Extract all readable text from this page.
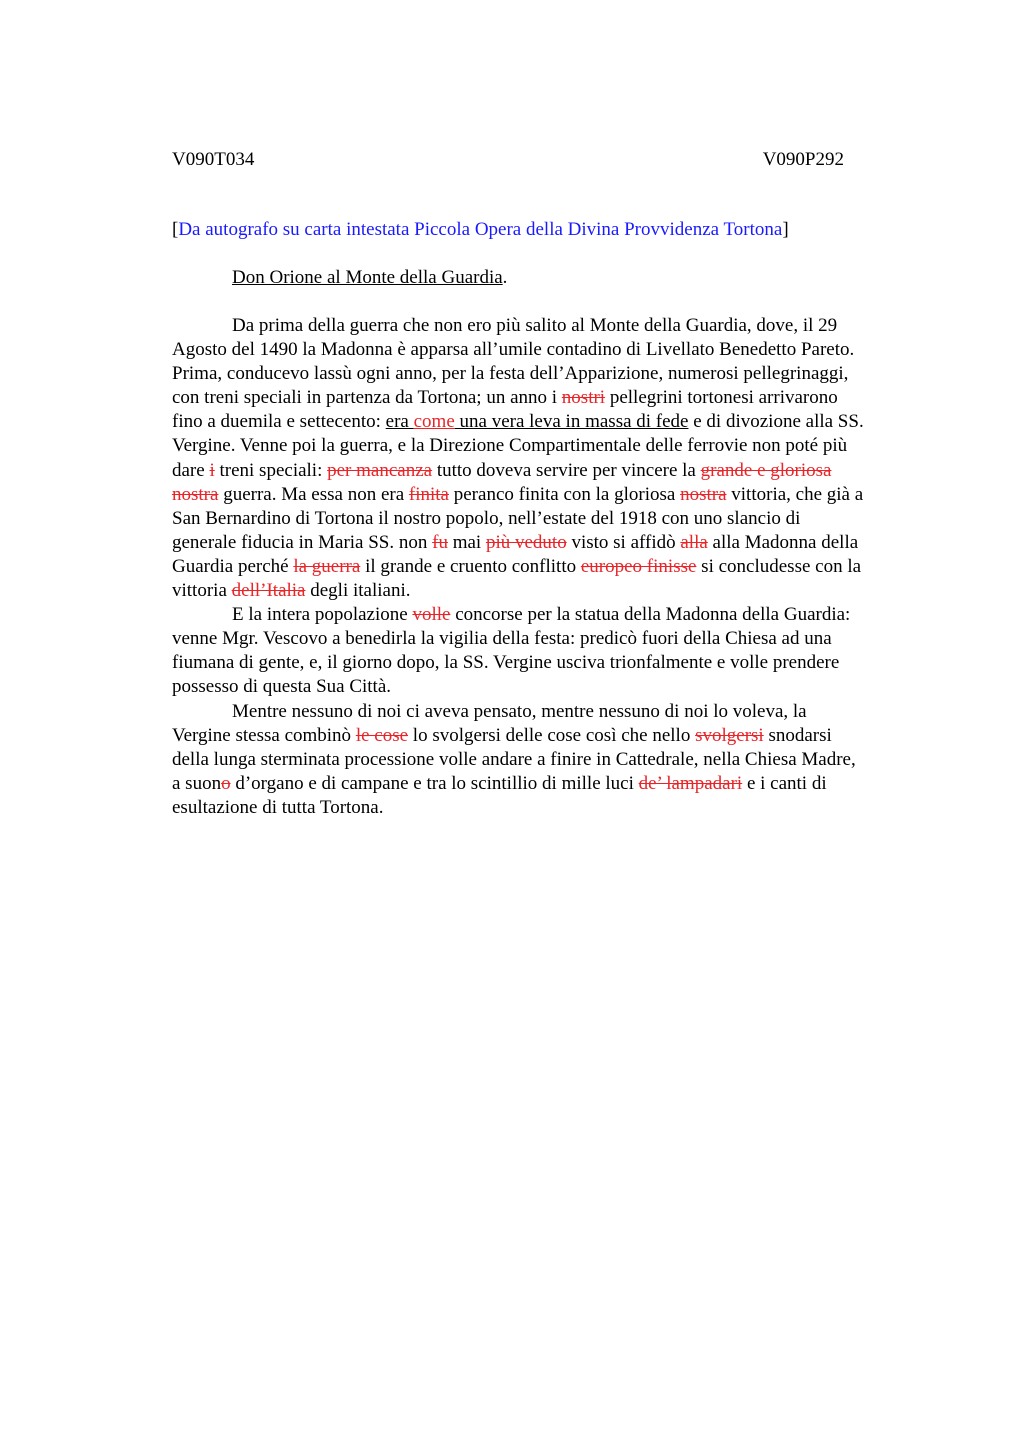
V090T034	V090P292
[Da autografo su carta intestata Piccola Opera della Divina Provvidenza Tortona]
Don Orione al Monte della Guardia.
Da prima della guerra che non ero più salito al Monte della Guardia, dove, il 29
Agosto del 1490 la Madonna è apparsa all’umile contadino di Livellato Benedetto Pareto.
Prima, conducevo lassù ogni anno, per la festa dell’Apparizione, numerosi pellegrinaggi,
con treni speciali in partenza da Tortona; un anno i nostri pellegrini tortonesi arrivarono
fino a duemila e settecento: era come una vera leva in massa di fede e di divozione alla SS.
Vergine. Venne poi la guerra, e la Direzione Compartimentale delle ferrovie non poté più
dare i treni speciali: per mancanza tutto doveva servire per vincere la grande e gloriosa
nostra guerra. Ma essa non era finita peranco finita con la gloriosa nostra vittoria, che già a
San Bernardino di Tortona il nostro popolo, nell’estate del 1918 con uno slancio di
generale fiducia in Maria SS. non fu mai più veduto visto si affidò alla alla Madonna della
Guardia perché la guerra il grande e cruento conflitto europeo finisse si concludesse con la
vittoria dell’Italia degli italiani.
E la intera popolazione volle concorse per la statua della Madonna della Guardia:
venne Mgr. Vescovo a benedirla la vigilia della festa: predicò fuori della Chiesa ad una
fiumana di gente, e, il giorno dopo, la SS. Vergine usciva trionfalmente e volle prendere
possesso di questa Sua Città.
Mentre nessuno di noi ci aveva pensato, mentre nessuno di noi lo voleva, la
Vergine stessa combinò le cose lo svolgersi delle cose così che nello svolgersi snodarsi
della lunga sterminata processione volle andare a finire in Cattedrale, nella Chiesa Madre,
a suono d’organo e di campane e tra lo scintillio di mille luci de’ lampadari e i canti di
esultazione di tutta Tortona.
